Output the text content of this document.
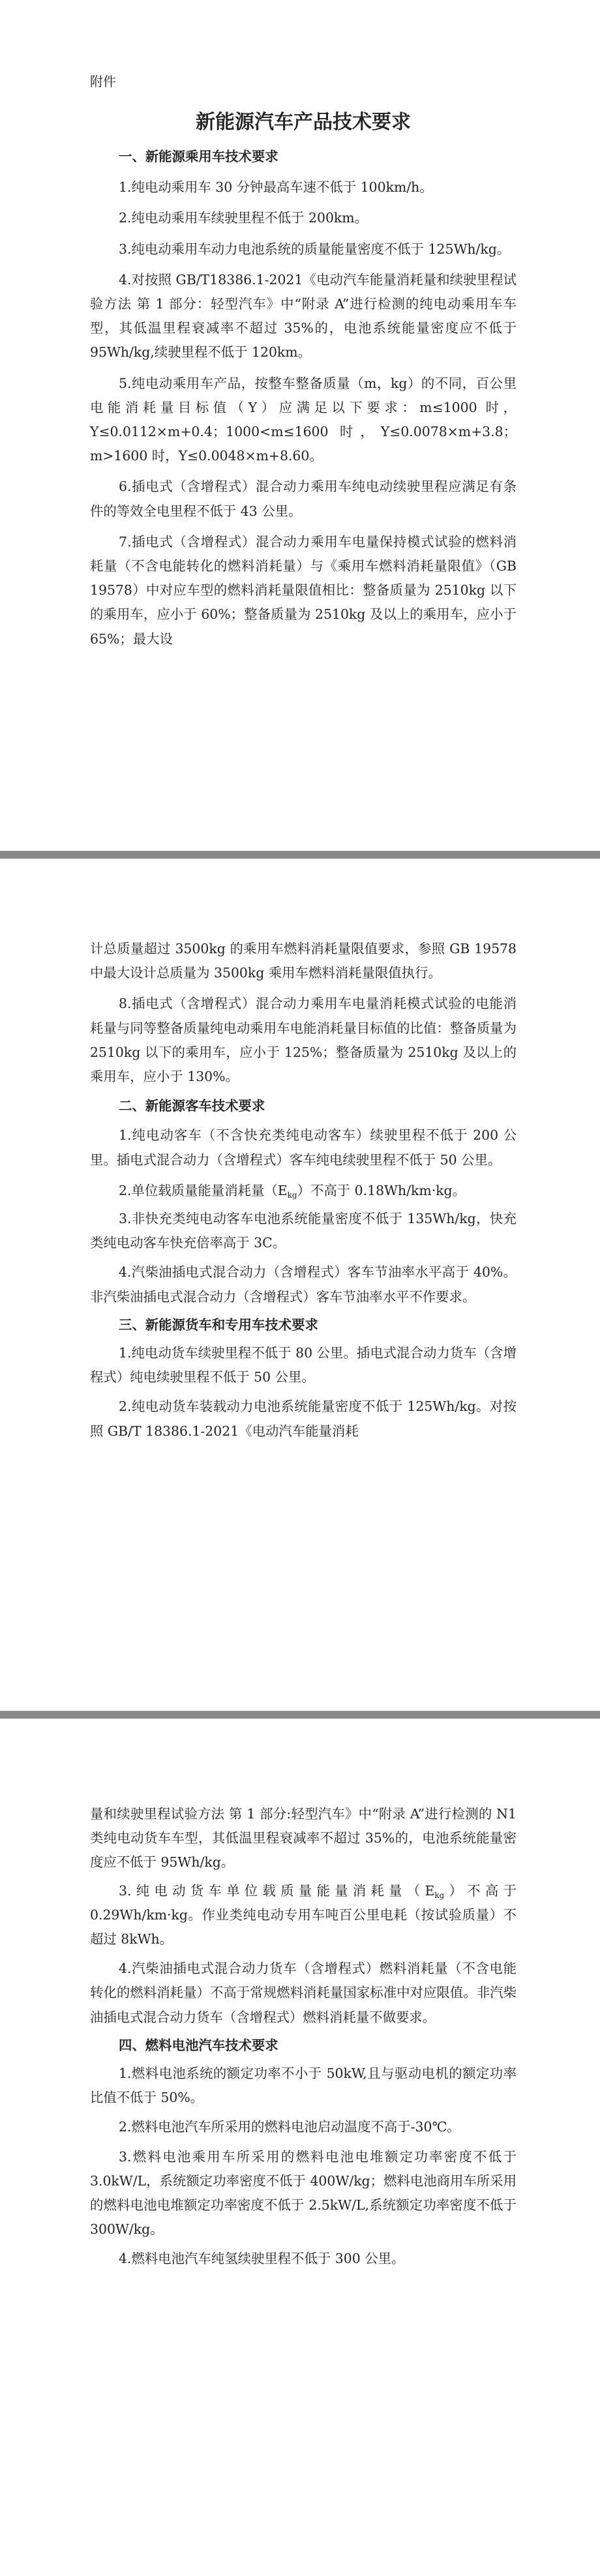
附件

新能源汽车产品技术要求

一、新能源乘用车技术要求

1.纯电动乘用车 30 分钟最高车速不低于 100km/h。

2.纯电动乘用车续驶里程不低于 200km。

3.纯电动乘用车动力电池系统的质量能量密度不低于 125Wh/kg。

4.对按照 GB/T18386.1-2021《电动汽车能量消耗量和续驶里程试验方法 第 1 部分：轻型汽车》中“附录 A”进行检测的纯电动乘用车车型，其低温里程衰减率不超过 35%的，电池系统能量密度应不低于 95Wh/kg,续驶里程不低于 120km。

5.纯电动乘用车产品，按整车整备质量（m，kg）的不同，百公里电能消耗量目标值（Y）应满足以下要求：m≤1000 时，Y≤0.0112×m+0.4；1000<m≤1600 时，Y≤0.0078×m+3.8；m>1600 时，Y≤0.0048×m+8.60。

6.插电式（含增程式）混合动力乘用车纯电动续驶里程应满足有条件的等效全电里程不低于 43 公里。

7.插电式（含增程式）混合动力乘用车电量保持模式试验的燃料消耗量（不含电能转化的燃料消耗量）与《乘用车燃料消耗量限值》（GB 19578）中对应车型的燃料消耗量限值相比：整备质量为 2510kg 以下的乘用车，应小于 60%；整备质量为 2510kg 及以上的乘用车，应小于 65%；最大设

计总质量超过 3500kg 的乘用车燃料消耗量限值要求，参照 GB 19578 中最大设计总质量为 3500kg 乘用车燃料消耗量限值执行。

8.插电式（含增程式）混合动力乘用车电量消耗模式试验的电能消耗量与同等整备质量纯电动乘用车电能消耗量目标值的比值：整备质量为 2510kg 以下的乘用车，应小于 125%；整备质量为 2510kg 及以上的乘用车，应小于 130%。

二、新能源客车技术要求

1.纯电动客车（不含快充类纯电动客车）续驶里程不低于 200 公里。插电式混合动力（含增程式）客车纯电续驶里程不低于 50 公里。

2.单位载质量能量消耗量$(E_{kg})$不高于 0.18Wh/km·kg。

3.非快充类纯电动客车电池系统能量密度不低于 135Wh/kg，快充类纯电动客车快充倍率高于 3C。

4.汽柴油插电式混合动力（含增程式）客车节油率水平高于 40%。非汽柴油插电式混合动力（含增程式）客车节油率水平不作要求。

三、新能源货车和专用车技术要求

1.纯电动货车续驶里程不低于 80 公里。插电式混合动力货车（含增程式）纯电续驶里程不低于 50 公里。

2.纯电动货车装载动力电池系统能量密度不低于 125Wh/kg。对按照 GB/T 18386.1-2021《电动汽车能量消耗

量和续驶里程试验方法 第 1 部分:轻型汽车》中“附录 A”进行检测的 N1 类纯电动货车车型，其低温里程衰减率不超过 35%的，电池系统能量密度应不低于 95Wh/kg。

3.纯电动货车单位载质量能量消耗量$(E_{kg})$不高于 0.29Wh/km·kg。作业类纯电动专用车吨百公里电耗（按试验质量）不超过 8kWh。

4.汽柴油插电式混合动力货车（含增程式）燃料消耗量（不含电能转化的燃料消耗量）不高于常规燃料消耗量国家标准中对应限值。非汽柴油插电式混合动力货车（含增程式）燃料消耗量不做要求。

四、燃料电池汽车技术要求

1.燃料电池系统的额定功率不小于 50kW,且与驱动电机的额定功率比值不低于 50%。

2.燃料电池汽车所采用的燃料电池启动温度不高于-30℃。

3.燃料电池乘用车所采用的燃料电池电堆额定功率密度不低于 3.0kW/L，系统额定功率密度不低于 400W/kg；燃料电池商用车所采用的燃料电池电堆额定功率密度不低于 2.5kW/L,系统额定功率密度不低于 300W/kg。

4.燃料电池汽车纯氢续驶里程不低于 300 公里。
